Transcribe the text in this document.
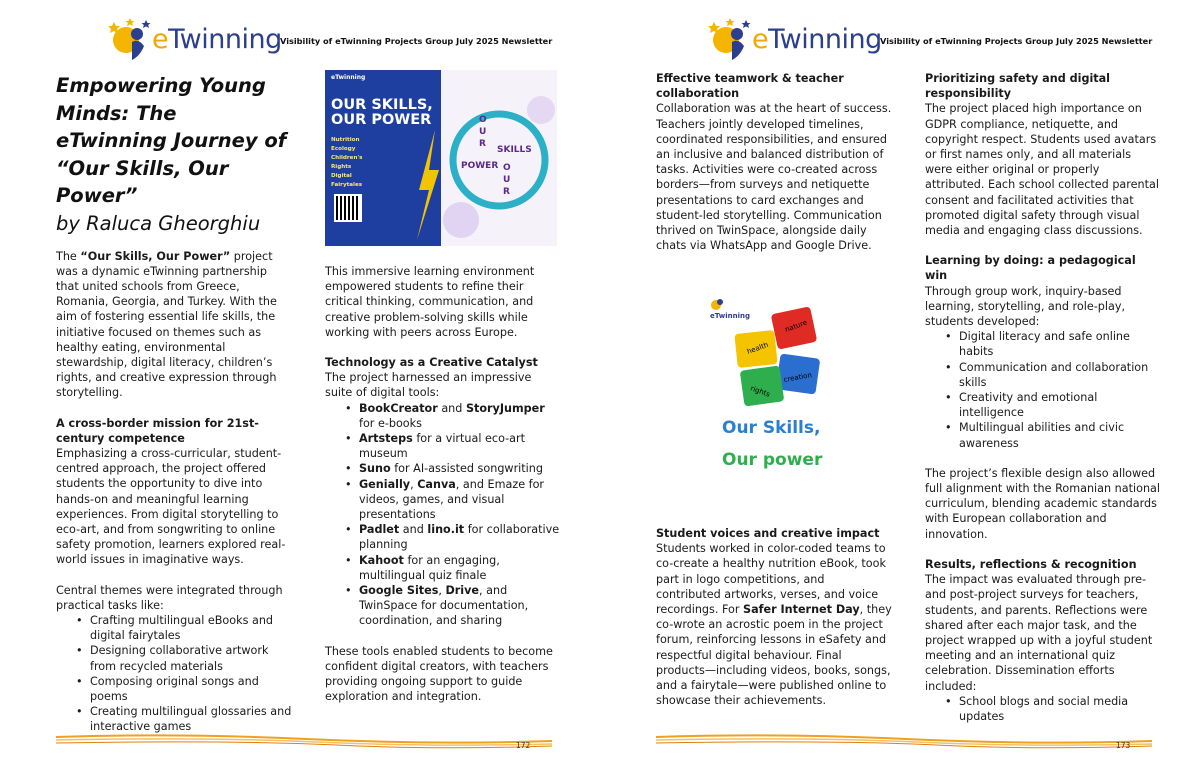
eTwinning
Visibility of eTwinning Projects Group July 2025 Newsletter
Empowering Young Minds: The eTwinning Journey of “Our Skills, Our Power”
by Raluca Gheorghiu

The “Our Skills, Our Power” project was a dynamic eTwinning partnership that united schools from Greece, Romania, Georgia, and Turkey. With the aim of fostering essential life skills, the initiative focused on themes such as healthy eating, environmental stewardship, digital literacy, children’s rights, and creative expression through storytelling.

A cross-border mission for 21st-century competence

Emphasizing a cross-curricular, student-centred approach, the project offered students the opportunity to dive into hands-on and meaningful learning experiences. From digital storytelling to eco-art, and from songwriting to online safety promotion, learners explored real-world issues in imaginative ways.

Central themes were integrated through practical tasks like:

• Crafting multilingual eBooks and digital fairytales
• Designing collaborative artwork from recycled materials
• Composing original songs and poems
• Creating multilingual glossaries and interactive games
eTwinning
OUR SKILLS, OUR POWER
Nutrition
Ecology
Children's Rights
Digital Fairytales
O
U
R
SKILLS
POWER O
U
R

This immersive learning environment empowered students to refine their critical thinking, communication, and creative problem-solving skills while working with peers across Europe.

Technology as a Creative Catalyst

The project harnessed an impressive suite of digital tools:

• BookCreator and StoryJumper for e-books
• Artsteps for a virtual eco-art museum
• Suno for AI-assisted songwriting
• Genially, Canva, and Emaze for videos, games, and visual presentations
• Padlet and lino.it for collaborative planning
• Kahoot for an engaging, multilingual quiz finale
• Google Sites, Drive, and TwinSpace for documentation, coordination, and sharing

These tools enabled students to become confident digital creators, with teachers providing ongoing support to guide exploration and integration.

172
eTwinning
Visibility of eTwinning Projects Group July 2025 Newsletter
Effective teamwork & teacher collaboration

Collaboration was at the heart of success. Teachers jointly developed timelines, coordinated responsibilities, and ensured an inclusive and balanced distribution of tasks. Activities were co-created across borders—from surveys and netiquette presentations to card exchanges and student-led storytelling. Communication thrived on TwinSpace, alongside daily chats via WhatsApp and Google Drive.

eTwinning
health
nature
rights
creation
Our Skills,
Our power
Student voices and creative impact

Students worked in color-coded teams to co-create a healthy nutrition eBook, took part in logo competitions, and contributed artworks, verses, and voice recordings. For Safer Internet Day, they co-wrote an acrostic poem in the project forum, reinforcing lessons in eSafety and respectful digital behaviour. Final products—including videos, books, songs, and a fairytale—were published online to showcase their achievements.

Prioritizing safety and digital responsibility

The project placed high importance on GDPR compliance, netiquette, and copyright respect. Students used avatars or first names only, and all materials were either original or properly attributed. Each school collected parental consent and facilitated activities that promoted digital safety through visual media and engaging class discussions.

Learning by doing: a pedagogical win

Through group work, inquiry-based learning, storytelling, and role-play, students developed:

• Digital literacy and safe online habits
• Communication and collaboration skills
• Creativity and emotional intelligence
• Multilingual abilities and civic awareness

The project’s flexible design also allowed full alignment with the Romanian national curriculum, blending academic standards with European collaboration and innovation.

Results, reflections & recognition

The impact was evaluated through pre- and post-project surveys for teachers, students, and parents. Reflections were shared after each major task, and the project wrapped up with a joyful student meeting and an international quiz celebration. Dissemination efforts included:

• School blogs and social media updates
173
